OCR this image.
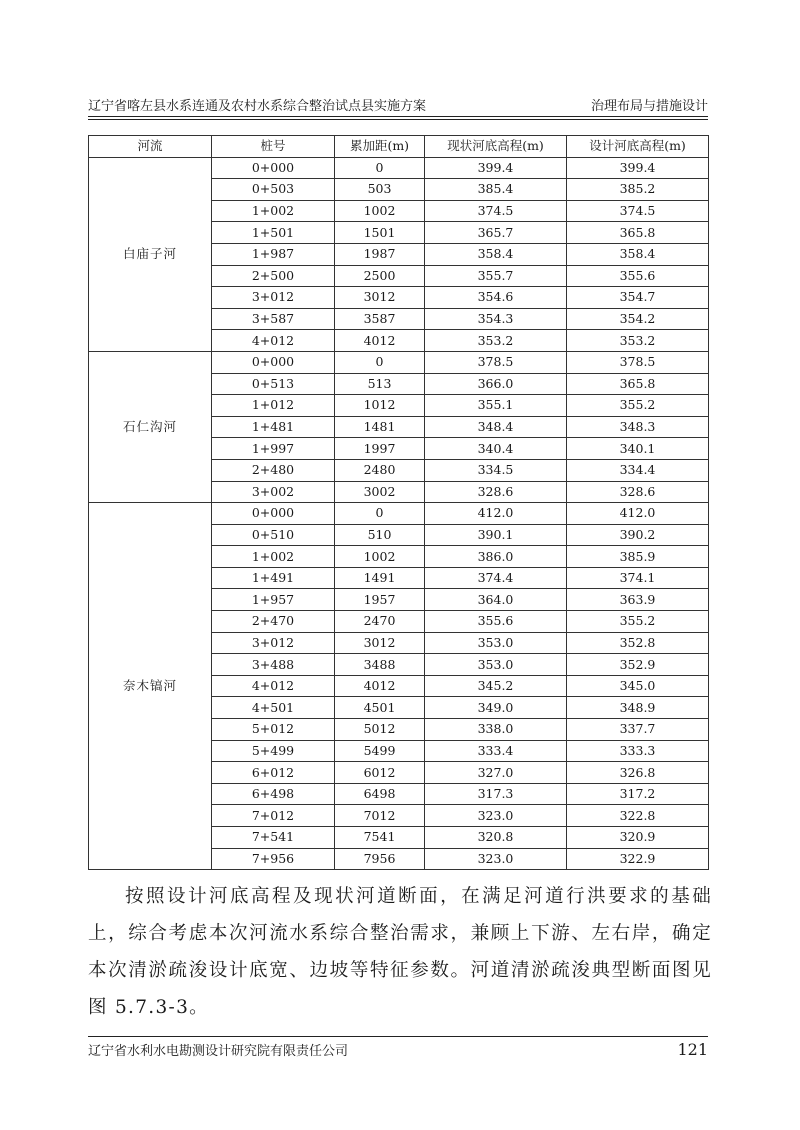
辽宁省喀左县水系连通及农村水系综合整治试点县实施方案	治理布局与措施设计
河流	桩号	累加距(m)	现状河底高程(m)	设计河底高程(m)
白庙子河	0+000	0	399.4	399.4
	0+503	503	385.4	385.2
	1+002	1002	374.5	374.5
	1+501	1501	365.7	365.8
	1+987	1987	358.4	358.4
	2+500	2500	355.7	355.6
	3+012	3012	354.6	354.7
	3+587	3587	354.3	354.2
	4+012	4012	353.2	353.2
石仁沟河	0+000	0	378.5	378.5
	0+513	513	366.0	365.8
	1+012	1012	355.1	355.2
	1+481	1481	348.4	348.3
	1+997	1997	340.4	340.1
	2+480	2480	334.5	334.4
	3+002	3002	328.6	328.6
奈木镐河	0+000	0	412.0	412.0
	0+510	510	390.1	390.2
	1+002	1002	386.0	385.9
	1+491	1491	374.4	374.1
	1+957	1957	364.0	363.9
	2+470	2470	355.6	355.2
	3+012	3012	353.0	352.8
	3+488	3488	353.0	352.9
	4+012	4012	345.2	345.0
	4+501	4501	349.0	348.9
	5+012	5012	338.0	337.7
	5+499	5499	333.4	333.3
	6+012	6012	327.0	326.8
	6+498	6498	317.3	317.2
	7+012	7012	323.0	322.8
	7+541	7541	320.8	320.9
	7+956	7956	323.0	322.9

按照设计河底高程及现状河道断面，在满足河道行洪要求的基础上，综合考虑本次河流水系综合整治需求，兼顾上下游、左右岸，确定本次清淤疏浚设计底宽、边坡等特征参数。河道清淤疏浚典型断面图见图 5.7.3-3。

辽宁省水利水电勘测设计研究院有限责任公司	121
